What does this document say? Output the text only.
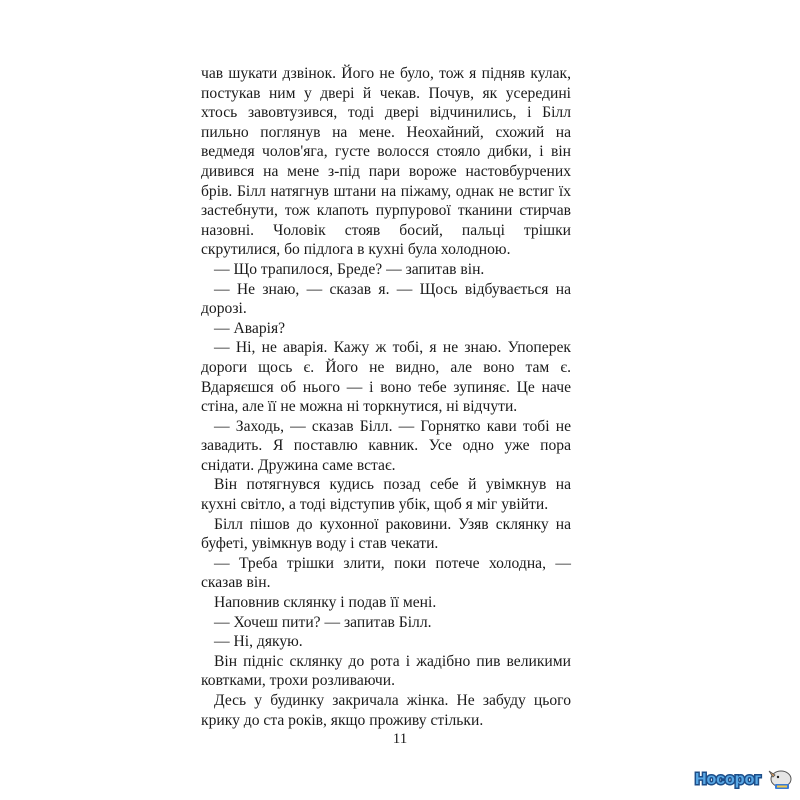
чав шукати дзвінок. Його не було, тож я підняв кулак, постукав ним у двері й чекав. Почув, як усередині хтось завовтузився, тоді двері відчинились, і Білл пильно поглянув на мене. Неохайний, схожий на ведмедя чолов'яга, густе волосся стояло дибки, і він дивився на мене з-під пари вороже настовбурчених брів. Білл натягнув штани на піжаму, однак не встиг їх застебнути, тож клапоть пурпурової тканини стирчав назовні. Чоловік стояв босий, пальці трішки скрутилися, бо підлога в кухні була холодною.

— Що трапилося, Бреде? — запитав він.

— Не знаю, — сказав я. — Щось відбувається на дорозі.

— Аварія?

— Ні, не аварія. Кажу ж тобі, я не знаю. Упоперек дороги щось є. Його не видно, але воно там є. Вдаряєшся об нього — і воно тебе зупиняє. Це наче стіна, але її не можна ні торкнутися, ні відчути.

— Заходь, — сказав Білл. — Горнятко кави тобі не завадить. Я поставлю кавник. Усе одно уже пора снідати. Дружина саме встає.

Він потягнувся кудись позад себе й увімкнув на кухні світло, а тоді відступив убік, щоб я міг увійти.

Білл пішов до кухонної раковини. Узяв склянку на буфеті, увімкнув воду і став чекати.

— Треба трішки злити, поки потече холодна, — сказав він.

Наповнив склянку і подав її мені.

— Хочеш пити? — запитав Білл.

— Ні, дякую.

Він підніс склянку до рота і жадібно пив великими ковтками, трохи розливаючи.

Десь у будинку закричала жінка. Не забуду цього крику до ста років, якщо проживу стільки.

11
Носорог
